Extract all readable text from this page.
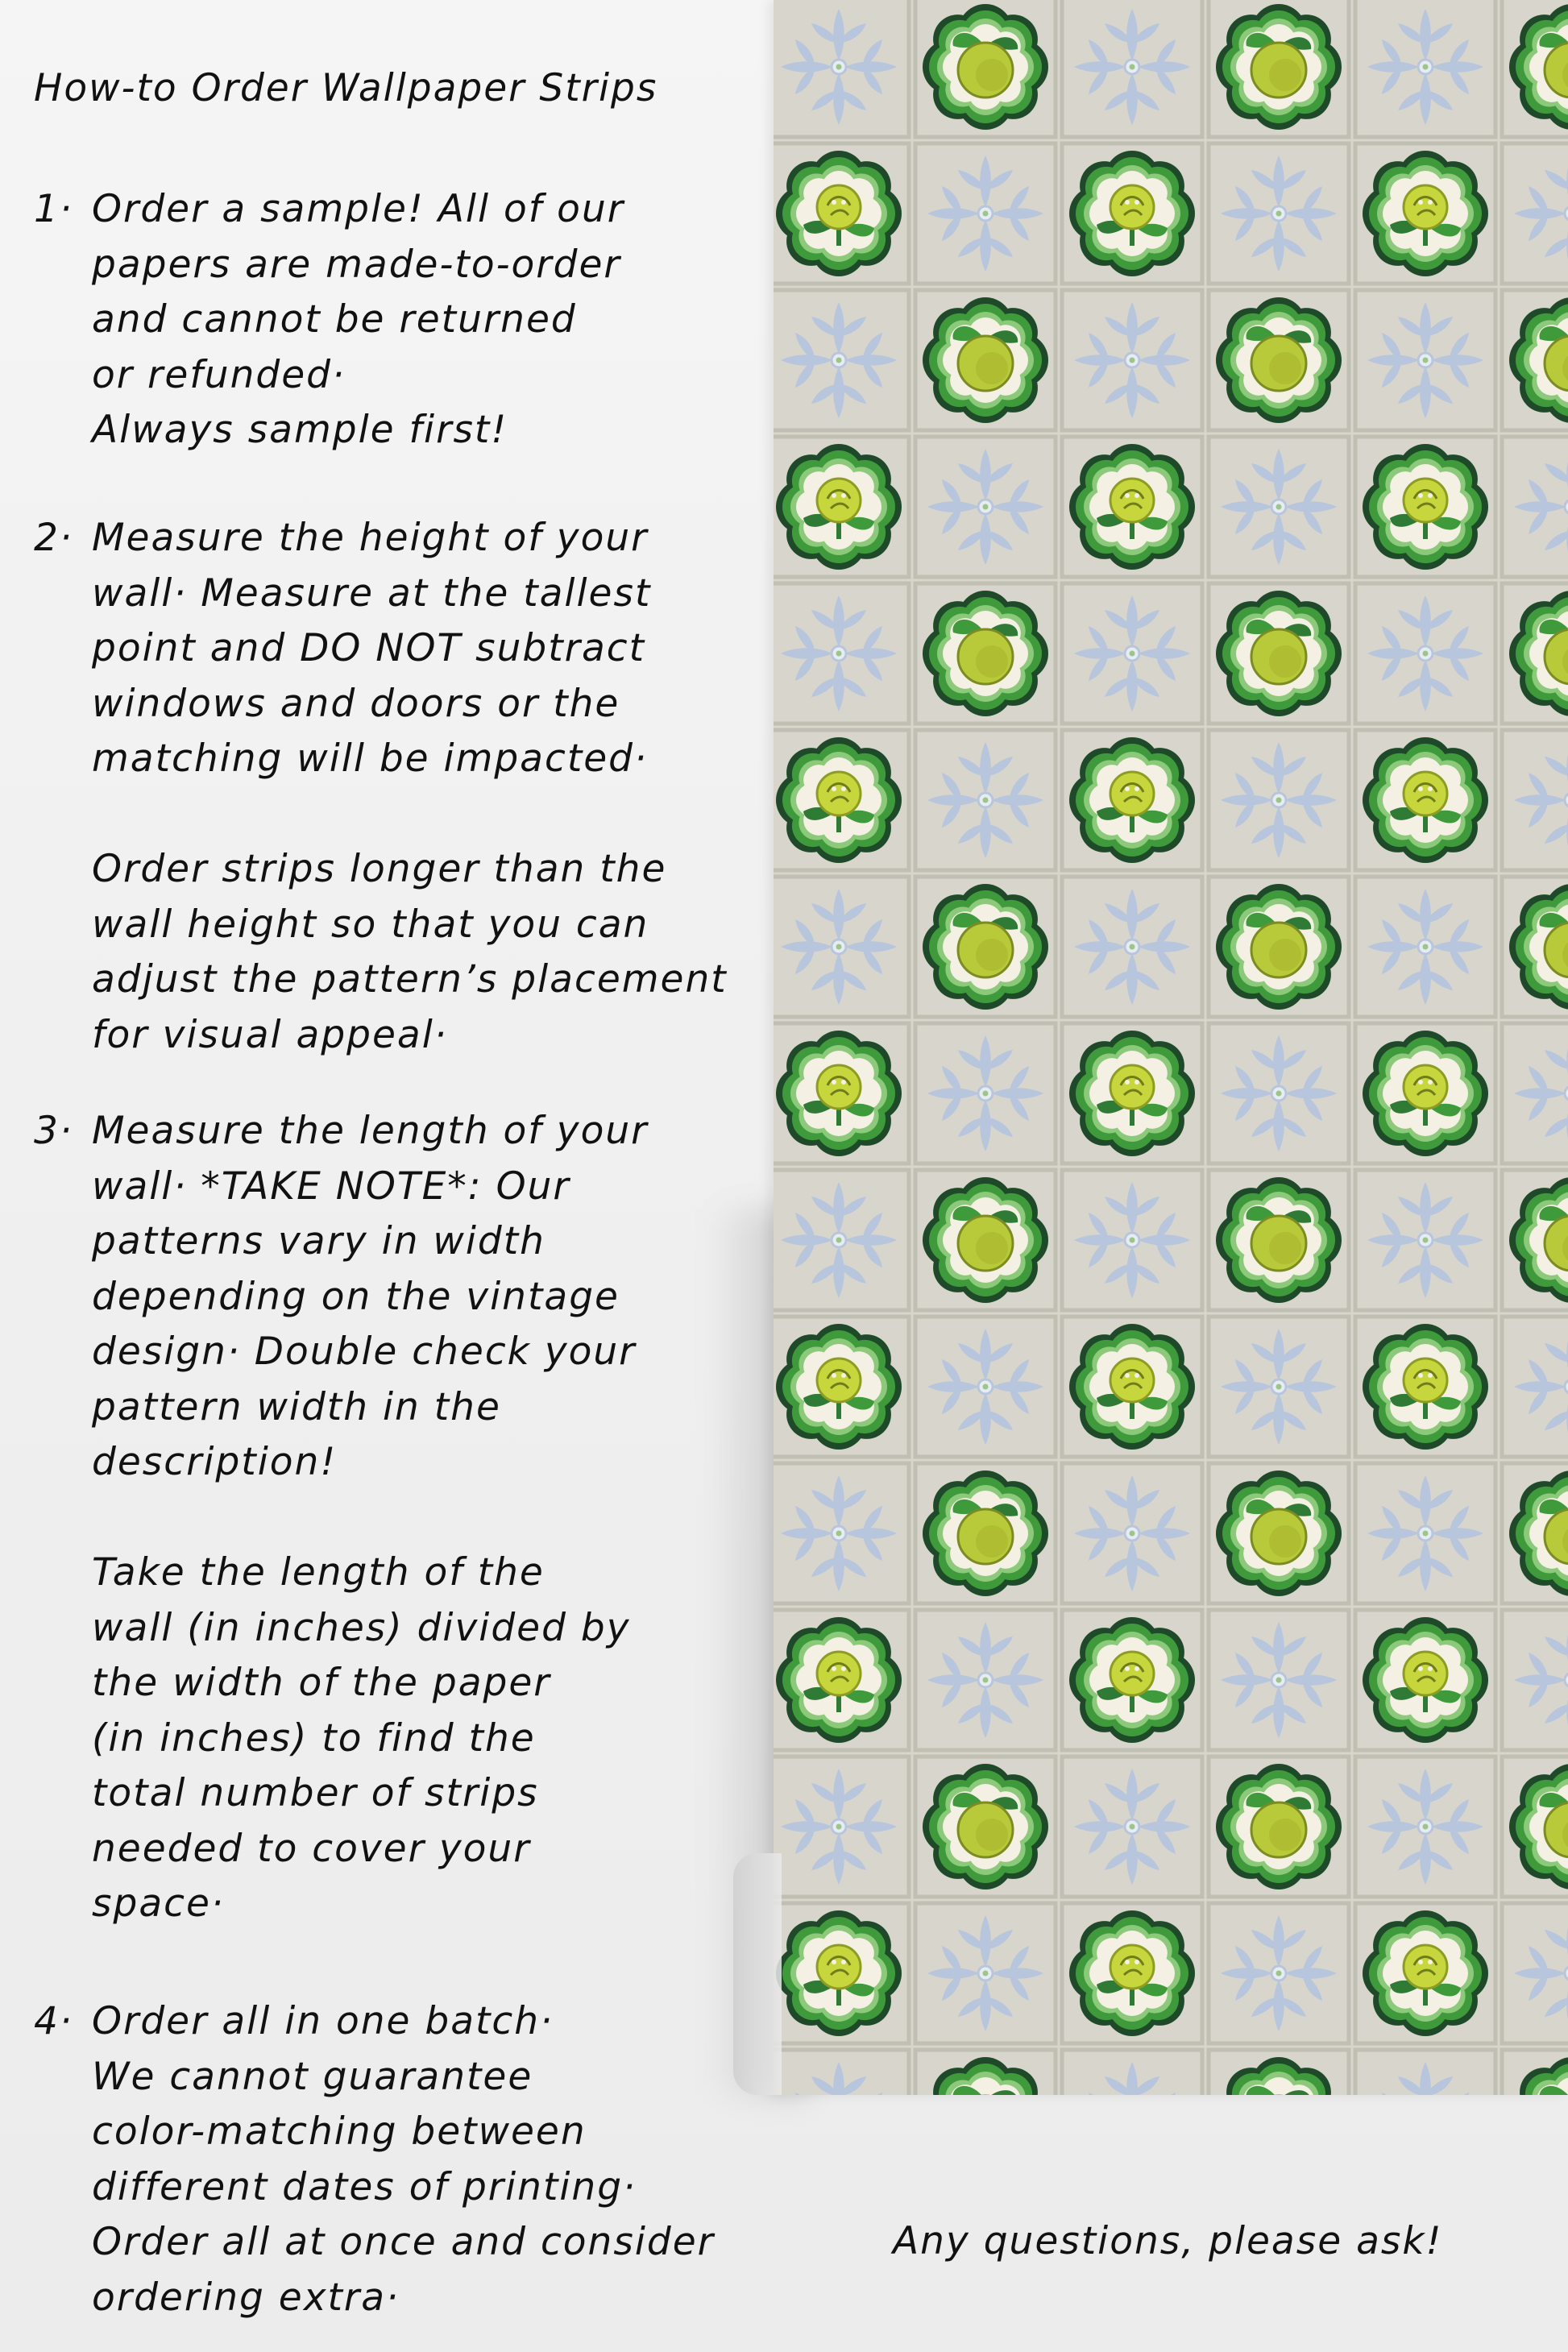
How-to Order Wallpaper Strips
1· Order a sample! All of our
papers are made-to-order
and cannot be returned
or refunded·
Always sample first!
2· Measure the height of your
wall· Measure at the tallest
point and DO NOT subtract
windows and doors or the
matching will be impacted·
Order strips longer than the
wall height so that you can
adjust the pattern’s placement
for visual appeal·
3· Measure the length of your
wall· *TAKE NOTE*: Our
patterns vary in width
depending on the vintage
design· Double check your
pattern width in the
description!
Take the length of the
wall (in inches) divided by
the width of the paper
(in inches) to find the
total number of strips
needed to cover your
space·
4· Order all in one batch·
We cannot guarantee
color-matching between
different dates of printing·
Order all at once and consider
ordering extra·
Any questions, please ask!
